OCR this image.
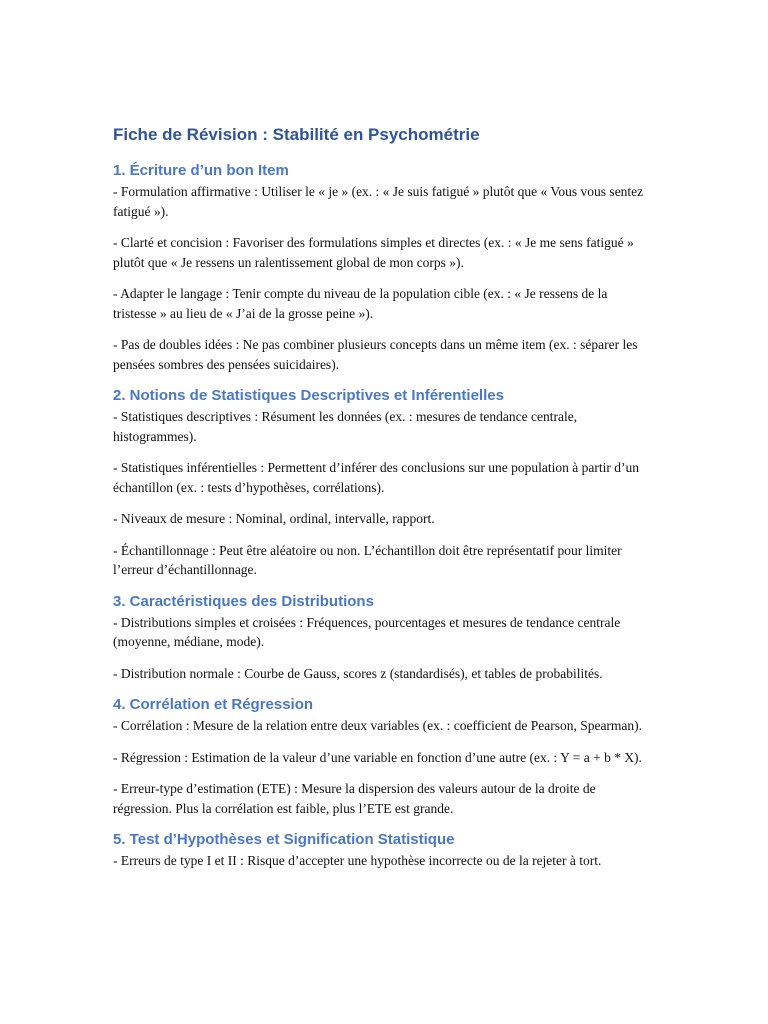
Fiche de Révision : Stabilité en Psychométrie
1. Écriture d’un bon Item

- Formulation affirmative : Utiliser le « je » (ex. : « Je suis fatigué » plutôt que « Vous vous sentez fatigué »).

- Clarté et concision : Favoriser des formulations simples et directes (ex. : « Je me sens fatigué » plutôt que « Je ressens un ralentissement global de mon corps »).

- Adapter le langage : Tenir compte du niveau de la population cible (ex. : « Je ressens de la tristesse » au lieu de « J’ai de la grosse peine »).

- Pas de doubles idées : Ne pas combiner plusieurs concepts dans un même item (ex. : séparer les pensées sombres des pensées suicidaires).

2. Notions de Statistiques Descriptives et Inférentielles

- Statistiques descriptives : Résument les données (ex. : mesures de tendance centrale, histogrammes).

- Statistiques inférentielles : Permettent d’inférer des conclusions sur une population à partir d’un échantillon (ex. : tests d’hypothèses, corrélations).

- Niveaux de mesure : Nominal, ordinal, intervalle, rapport.

- Échantillonnage : Peut être aléatoire ou non. L’échantillon doit être représentatif pour limiter l’erreur d’échantillonnage.

3. Caractéristiques des Distributions

- Distributions simples et croisées : Fréquences, pourcentages et mesures de tendance centrale (moyenne, médiane, mode).

- Distribution normale : Courbe de Gauss, scores z (standardisés), et tables de probabilités.

4. Corrélation et Régression

- Corrélation : Mesure de la relation entre deux variables (ex. : coefficient de Pearson, Spearman).

- Régression : Estimation de la valeur d’une variable en fonction d’une autre (ex. : Y = a + b * X).

- Erreur-type d’estimation (ETE) : Mesure la dispersion des valeurs autour de la droite de régression. Plus la corrélation est faible, plus l’ETE est grande.

5. Test d’Hypothèses et Signification Statistique

- Erreurs de type I et II : Risque d’accepter une hypothèse incorrecte ou de la rejeter à tort.
